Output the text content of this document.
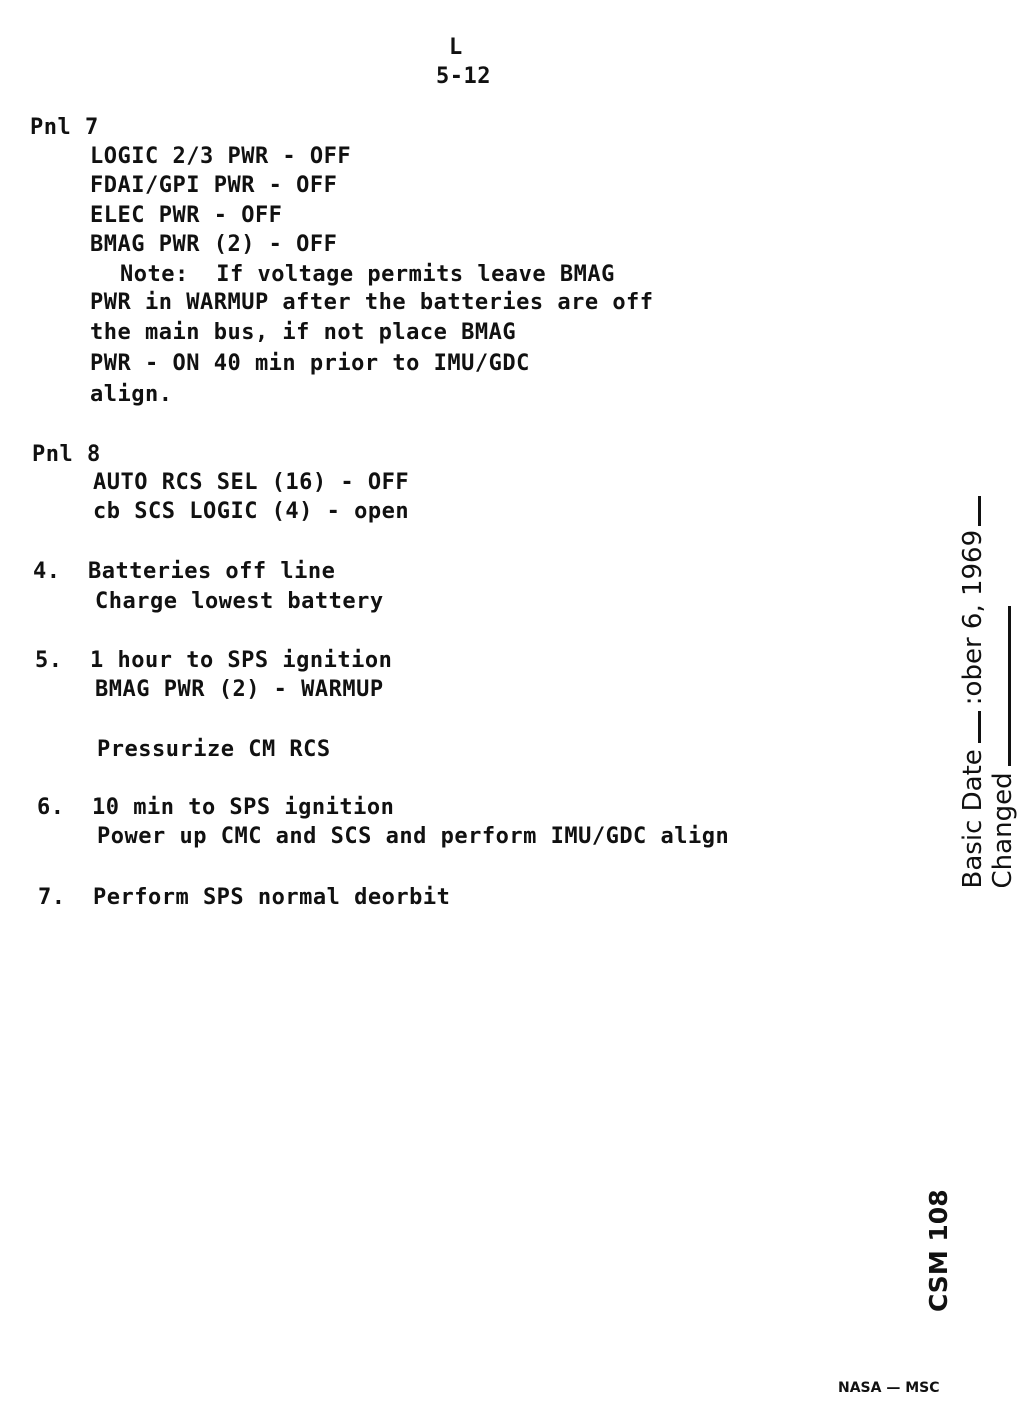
L
5-12
Pnl 7
LOGIC 2/3 PWR - OFF
FDAI/GPI PWR - OFF
ELEC PWR - OFF
BMAG PWR (2) - OFF
Note:  If voltage permits leave BMAG
PWR in WARMUP after the batteries are off
the main bus, if not place BMAG
PWR - ON 40 min prior to IMU/GDC
align.
Pnl 8
AUTO RCS SEL (16) - OFF
cb SCS LOGIC (4) - open
4.  Batteries off line
Charge lowest battery
5.  1 hour to SPS ignition
BMAG PWR (2) - WARMUP
Pressurize CM RCS
6.  10 min to SPS ignition
Power up CMC and SCS and perform IMU/GDC align
7.  Perform SPS normal deorbit

Basic Date:ober 6, 1969

Changed

CSM 108
NASA — MSC
